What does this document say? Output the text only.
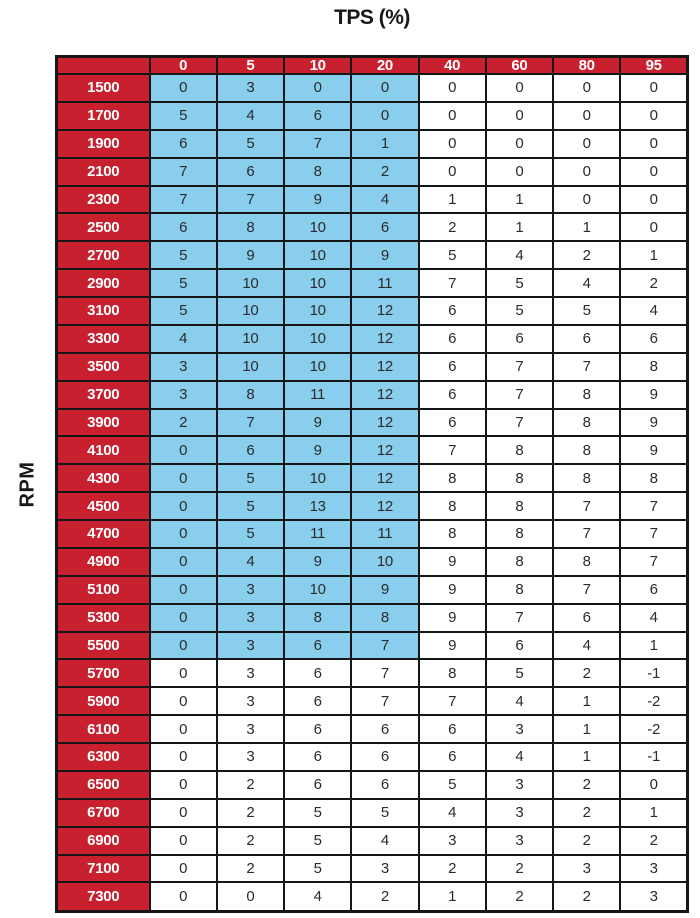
TPS (%)
RPM
	0	5	10	20	40	60	80	95
1500	0	3	0	0	0	0	0	0
1700	5	4	6	0	0	0	0	0
1900	6	5	7	1	0	0	0	0
2100	7	6	8	2	0	0	0	0
2300	7	7	9	4	1	1	0	0
2500	6	8	10	6	2	1	1	0
2700	5	9	10	9	5	4	2	1
2900	5	10	10	11	7	5	4	2
3100	5	10	10	12	6	5	5	4
3300	4	10	10	12	6	6	6	6
3500	3	10	10	12	6	7	7	8
3700	3	8	11	12	6	7	8	9
3900	2	7	9	12	6	7	8	9
4100	0	6	9	12	7	8	8	9
4300	0	5	10	12	8	8	8	8
4500	0	5	13	12	8	8	7	7
4700	0	5	11	11	8	8	7	7
4900	0	4	9	10	9	8	8	7
5100	0	3	10	9	9	8	7	6
5300	0	3	8	8	9	7	6	4
5500	0	3	6	7	9	6	4	1
5700	0	3	6	7	8	5	2	-1
5900	0	3	6	7	7	4	1	-2
6100	0	3	6	6	6	3	1	-2
6300	0	3	6	6	6	4	1	-1
6500	0	2	6	6	5	3	2	0
6700	0	2	5	5	4	3	2	1
6900	0	2	5	4	3	3	2	2
7100	0	2	5	3	2	2	3	3
7300	0	0	4	2	1	2	2	3
